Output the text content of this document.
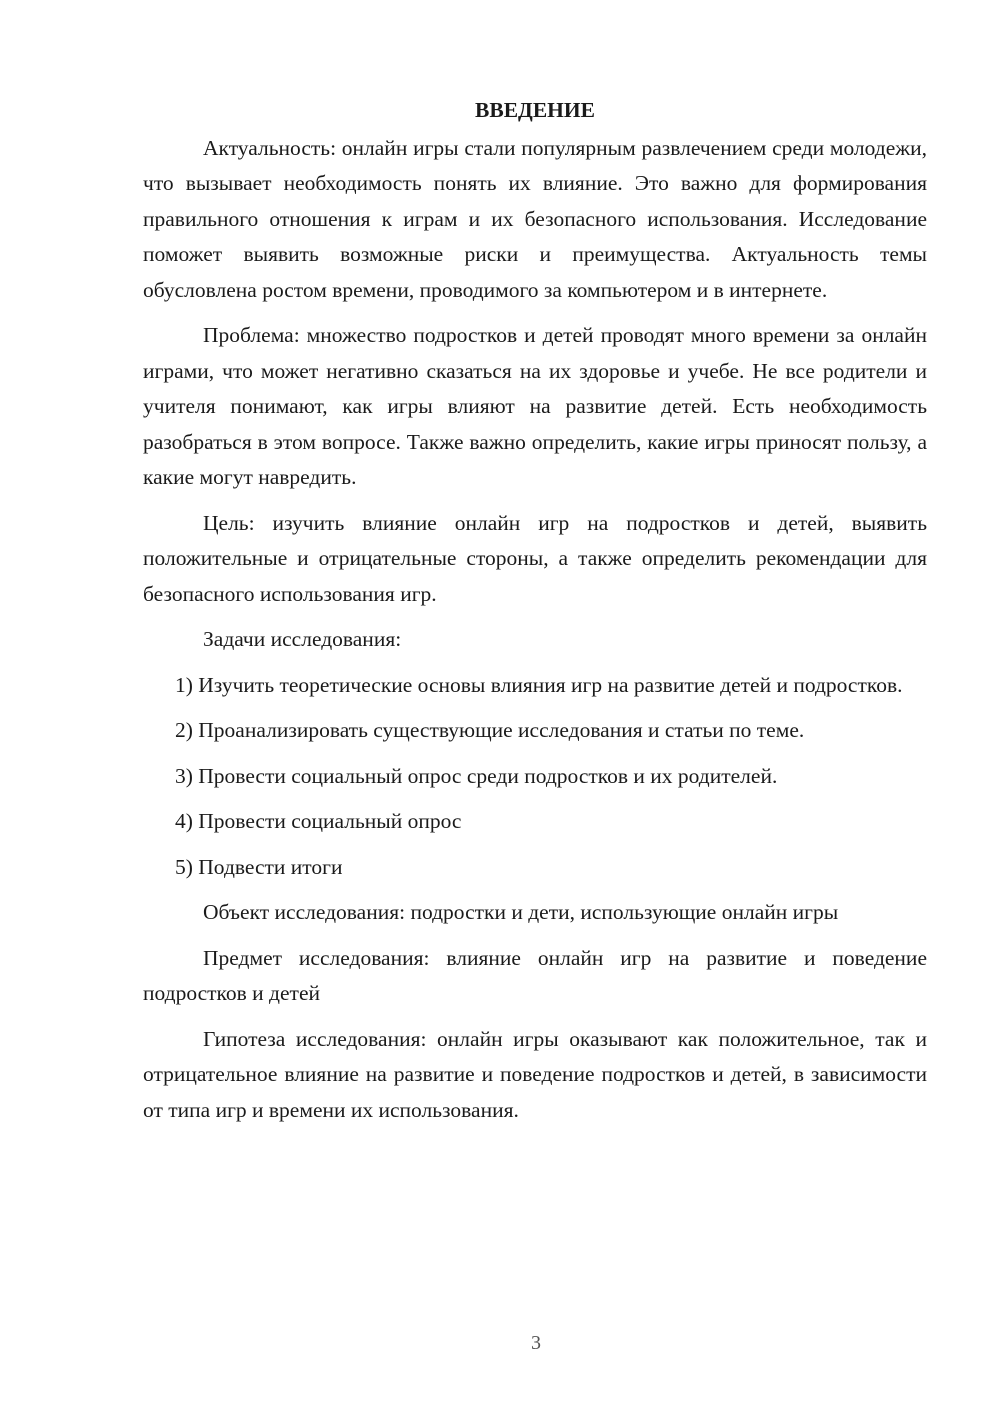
ВВЕДЕНИЕ

Актуальность: онлайн игры стали популярным развлечением среди молодежи, что вызывает необходимость понять их влияние. Это важно для формирования правильного отношения к играм и их безопасного использования. Исследование поможет выявить возможные риски и преимущества. Актуальность темы обусловлена ростом времени, проводимого за компьютером и в интернете.

Проблема: множество подростков и детей проводят много времени за онлайн играми, что может негативно сказаться на их здоровье и учебе. Не все родители и учителя понимают, как игры влияют на развитие детей. Есть необходимость разобраться в этом вопросе. Также важно определить, какие игры приносят пользу, а какие могут навредить.

Цель: изучить влияние онлайн игр на подростков и детей, выявить положительные и отрицательные стороны, а также определить рекомендации для безопасного использования игр.

Задачи исследования:

1) Изучить теоретические основы влияния игр на развитие детей и подростков.

2) Проанализировать существующие исследования и статьи по теме.

3) Провести социальный опрос среди подростков и их родителей.

4) Провести социальный опрос

5) Подвести итоги

Объект исследования: подростки и дети, использующие онлайн игры

Предмет исследования: влияние онлайн игр на развитие и поведение подростков и детей

Гипотеза исследования: онлайн игры оказывают как положительное, так и отрицательное влияние на развитие и поведение подростков и детей, в зависимости от типа игр и времени их использования.

3
